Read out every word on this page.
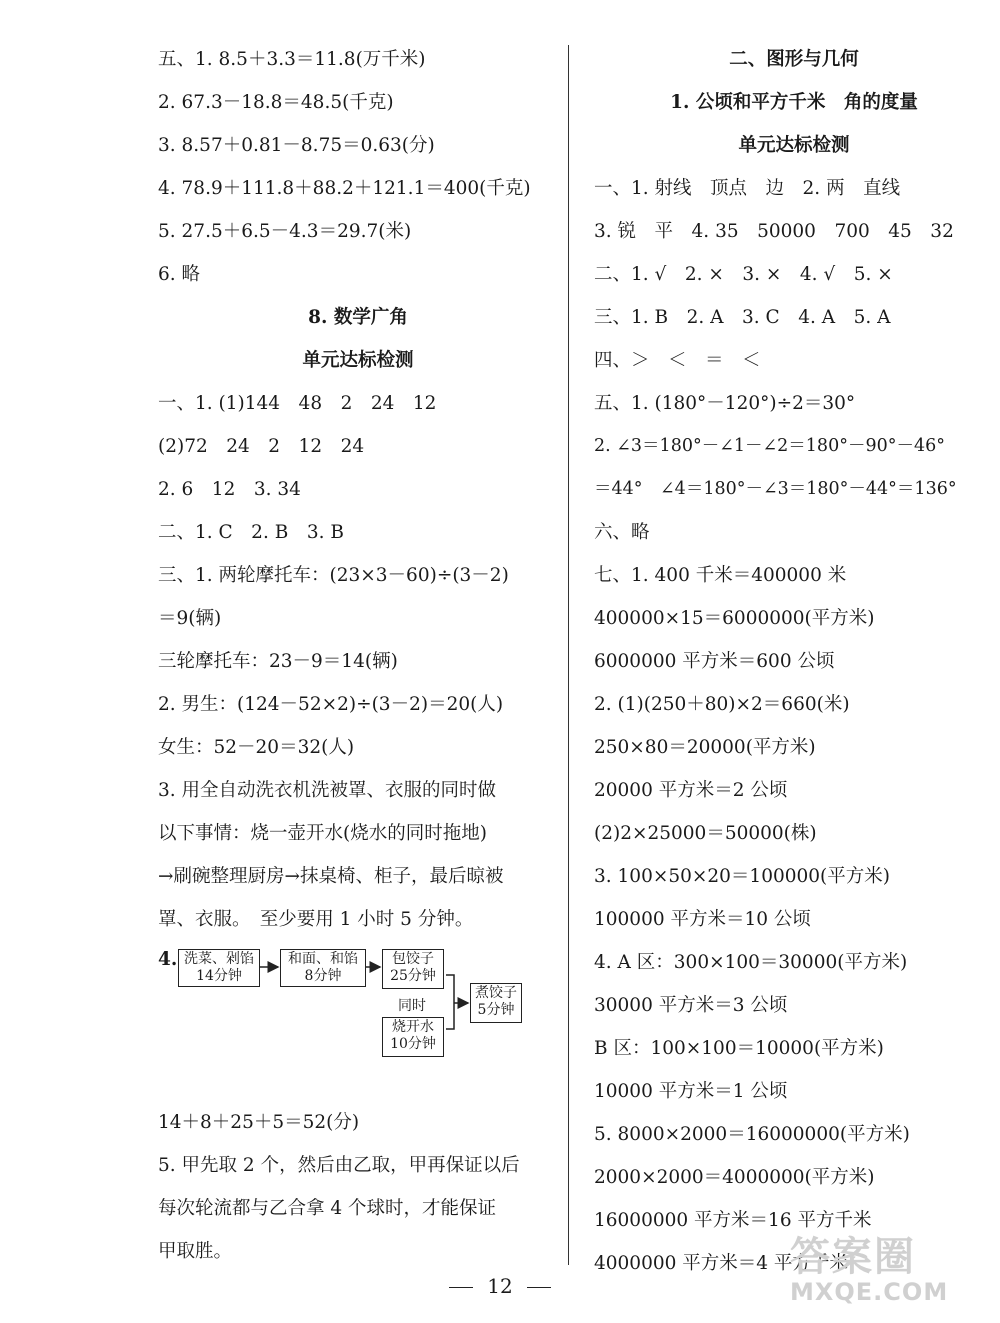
五、1. 8.5＋3.3＝11.8(万千米)
2. 67.3－18.8＝48.5(千克)
3. 8.57＋0.81－8.75＝0.63(分)
4. 78.9＋111.8＋88.2＋121.1＝400(千克)
5. 27.5＋6.5－4.3＝29.7(米)
6. 略
8. 数学广角
单元达标检测
一、1. (1)144　48　2　24　12
(2)72　24　2　12　24
2. 6　12　3. 34
二、1. C　2. B　3. B
三、1. 两轮摩托车：(23×3－60)÷(3－2)
＝9(辆)
三轮摩托车：23－9＝14(辆)
2. 男生：(124－52×2)÷(3－2)＝20(人)
女生：52－20＝32(人)
3. 用全自动洗衣机洗被罩、衣服的同时做
以下事情：烧一壶开水(烧水的同时拖地)
→刷碗整理厨房→抹桌椅、柜子，最后晾被
罩、衣服。　至少要用 1 小时 5 分钟。
4. 洗菜、剁馅
14分钟
和面、和馅
8分钟
包饺子
25分钟
同时
烧开水
10分钟
煮饺子
5分钟
14＋8＋25＋5＝52(分)
5. 甲先取 2 个，然后由乙取，甲再保证以后
每次轮流都与乙合拿 4 个球时，才能保证
甲取胜。
二、图形与几何
1. 公顷和平方千米　角的度量
单元达标检测
一、1. 射线　顶点　边　2. 两　直线
3. 锐　平　4. 35　50000　700　45　32
二、1. √　2. ×　3. ×　4. √　5. ×
三、1. B　2. A　3. C　4. A　5. A
四、＞　＜　＝　＜
五、1. (180°－120°)÷2＝30°
2. ∠3＝180°－∠1－∠2＝180°－90°－46°
＝44°　∠4＝180°－∠3＝180°－44°＝136°
六、略
七、1. 400 千米＝400000 米
400000×15＝6000000(平方米)
6000000 平方米＝600 公顷
2. (1)(250＋80)×2＝660(米)
250×80＝20000(平方米)
20000 平方米＝2 公顷
(2)2×25000＝50000(株)
3. 100×50×20＝100000(平方米)
100000 平方米＝10 公顷
4. A 区：300×100＝30000(平方米)
30000 平方米＝3 公顷
B 区：100×100＝10000(平方米)
10000 平方米＝1 公顷
5. 8000×2000＝16000000(平方米)
2000×2000＝4000000(平方米)
16000000 平方米＝16 平方千米
4000000 平方米＝4 平方千米
12
答案圈
MXQE.COM
